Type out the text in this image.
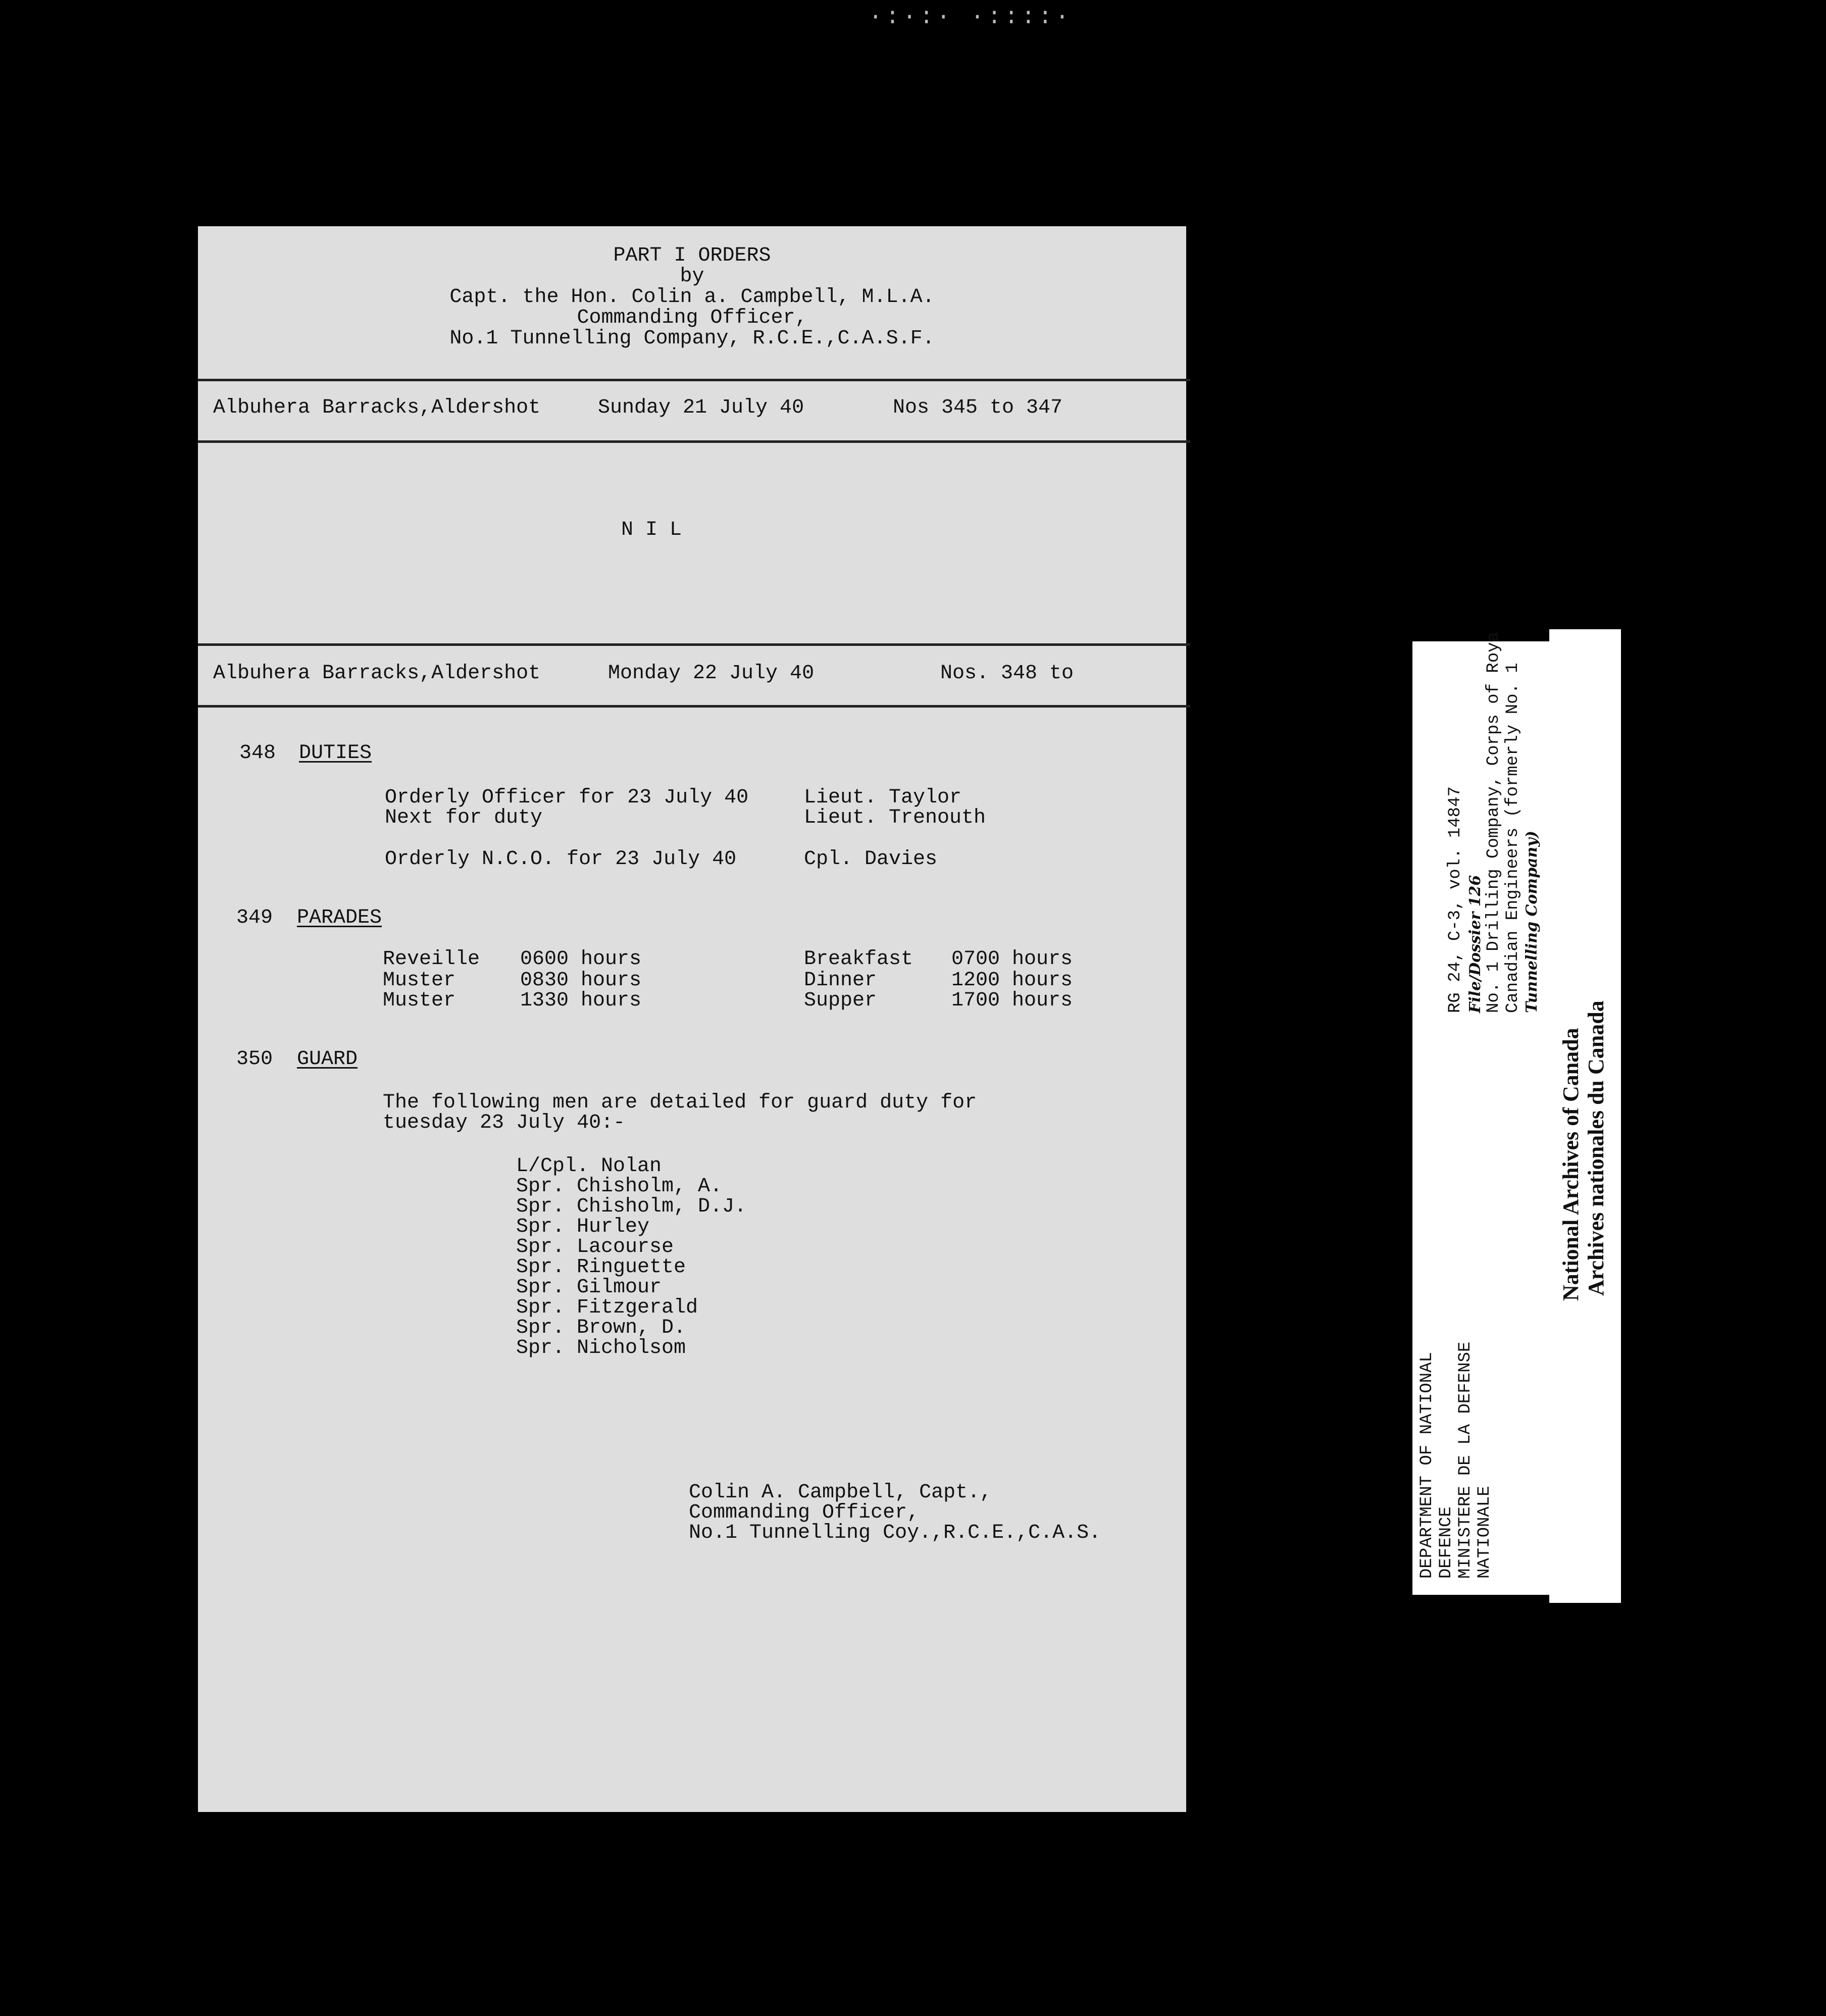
·:·:· ·::::·
PART I ORDERS
by
Capt. the Hon. Colin a. Campbell, M.L.A.
Commanding Officer,
No.1 Tunnelling Company, R.C.E.,C.A.S.F.
Albuhera Barracks,Aldershot	Sunday 21 July 40	Nos 345 to 347
N I L
Albuhera Barracks,Aldershot	Monday 22 July 40	Nos. 348 to
348 DUTIES
Orderly Officer for 23 July 40	Lieut. Taylor
Next for duty	Lieut. Trenouth
Orderly N.C.O. for 23 July 40	Cpl. Davies
349 PARADES
Reveille 0600 hours	Breakfast 0700 hours
Muster	0830 hours	Dinner	1200 hours
Muster	1330 hours	Supper	1700 hours
350 GUARD
The following men are detailed for guard duty for
tuesday 23 July 40:-
L/Cpl. Nolan
Spr. Chisholm, A.
Spr. Chisholm, D.J.
Spr. Hurley
Spr. Lacourse
Spr. Ringuette
Spr. Gilmour
Spr. Fitzgerald
Spr. Brown, D.
Spr. Nicholsom
Colin A. Campbell, Capt.,
Commanding Officer,
No.1 Tunnelling Coy.,R.C.E.,C.A.S.	DEPARTMENT OF NATIONAL DEFENCE MINISTERE DE LA DEFENSE NATIONALE
RG 24, C-3, vol. 14847 File/Dossier 126 No. 1 Drilling Company, Corps of Roya Canadian Engineers (formerly No. 1 Tunnelling Company)
National Archives of Canada Archives nationales du Canada
